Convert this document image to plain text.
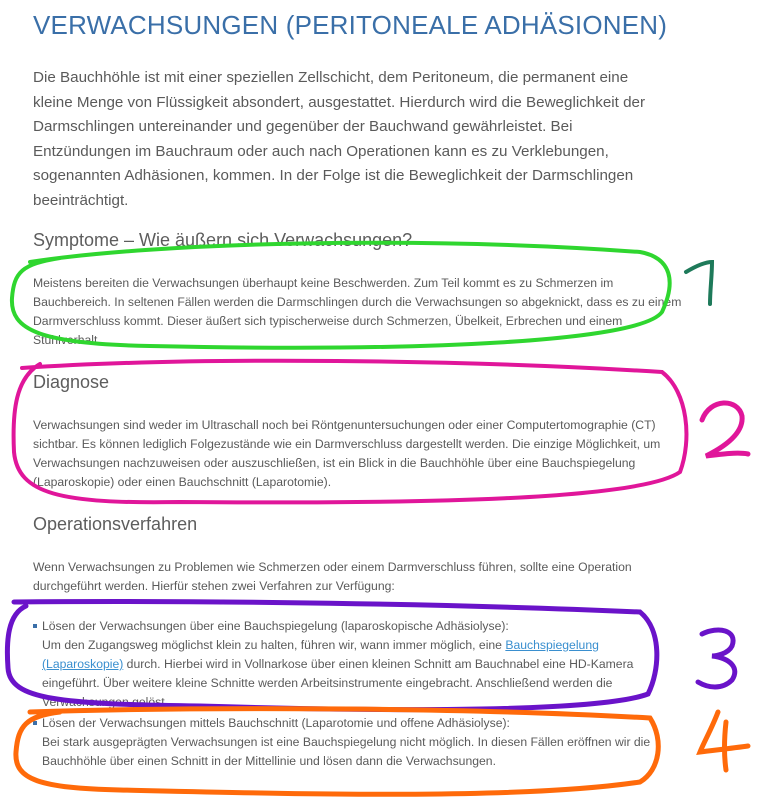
VERWACHSUNGEN (PERITONEALE ADHÄSIONEN)

Die Bauchhöhle ist mit einer speziellen Zellschicht, dem Peritoneum, die permanent eine kleine Menge von Flüssigkeit absondert, ausgestattet. Hierdurch wird die Beweglichkeit der Darmschlingen untereinander und gegenüber der Bauchwand gewährleistet. Bei Entzündungen im Bauchraum oder auch nach Operationen kann es zu Verklebungen, sogenannten Adhäsionen, kommen. In der Folge ist die Beweglichkeit der Darmschlingen beeinträchtigt.

Symptome – Wie äußern sich Verwachsungen?

Meistens bereiten die Verwachsungen überhaupt keine Beschwerden. Zum Teil kommt es zu Schmerzen im Bauchbereich. In seltenen Fällen werden die Darmschlingen durch die Verwachsungen so abgeknickt, dass es zu einem Darmverschluss kommt. Dieser äußert sich typischerweise durch Schmerzen, Übelkeit, Erbrechen und einem Stuhlverhalt.

Diagnose

Verwachsungen sind weder im Ultraschall noch bei Röntgenuntersuchungen oder einer Computertomographie (CT) sichtbar. Es können lediglich Folgezustände wie ein Darmverschluss dargestellt werden. Die einzige Möglichkeit, um Verwachsungen nachzuweisen oder auszuschließen, ist ein Blick in die Bauchhöhle über eine Bauchspiegelung (Laparoskopie) oder einen Bauchschnitt (Laparotomie).

Operationsverfahren

Wenn Verwachsungen zu Problemen wie Schmerzen oder einem Darmverschluss führen, sollte eine Operation durchgeführt werden. Hierfür stehen zwei Verfahren zur Verfügung:

Lösen der Verwachsungen über eine Bauchspiegelung (laparoskopische Adhäsiolyse):
Um den Zugangsweg möglichst klein zu halten, führen wir, wann immer möglich, eine Bauchspiegelung (Laparoskopie) durch. Hierbei wird in Vollnarkose über einen kleinen Schnitt am Bauchnabel eine HD-Kamera eingeführt. Über weitere kleine Schnitte werden Arbeitsinstrumente eingebracht. Anschließend werden die Verwachsungen gelöst.
Lösen der Verwachsungen mittels Bauchschnitt (Laparotomie und offene Adhäsiolyse):
Bei stark ausgeprägten Verwachsungen ist eine Bauchspiegelung nicht möglich. In diesen Fällen eröffnen wir die Bauchhöhle über einen Schnitt in der Mittellinie und lösen dann die Verwachsungen.
